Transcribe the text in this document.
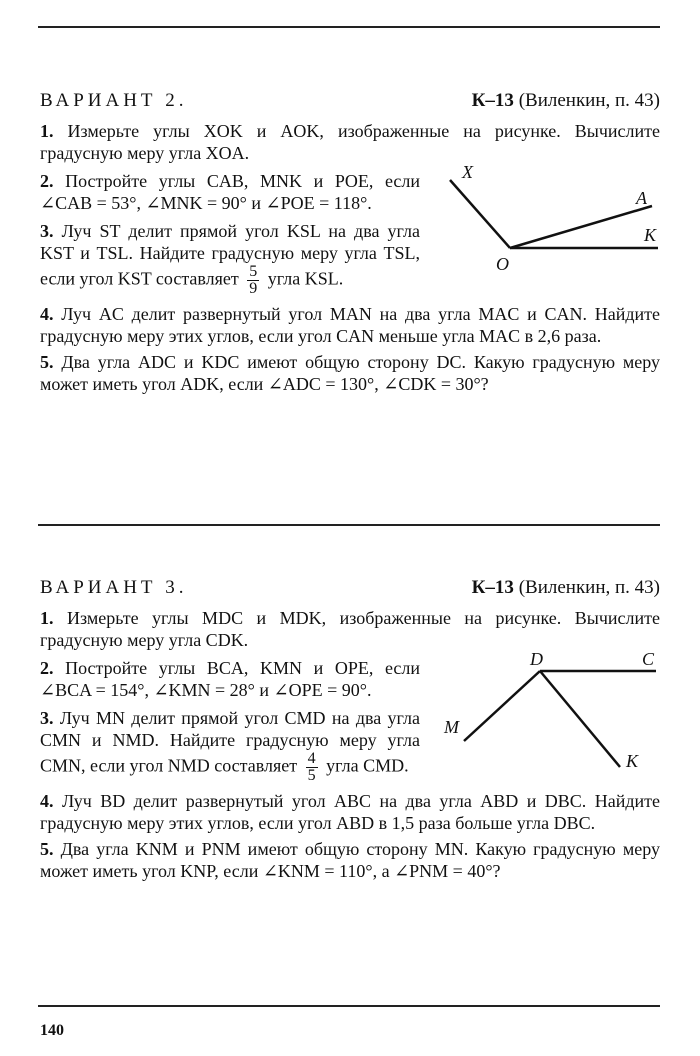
ВАРИАНТ 2.	К–13 (Виленкин, п. 43)

1. Измерьте углы XOK и AOK, изображенные на рисунке. Вычислите градусную меру угла XOA.

2. Постройте углы CAB, MNK и POE, если ∠CAB = 53°, ∠MNK = 90° и ∠POE = 118°.

3. Луч ST делит прямой угол KSL на два угла KST и TSL. Найдите градусную меру угла TSL, если угол KST составляет $\frac{5}{9}$ угла KSL.

4. Луч AC делит развернутый угол MAN на два угла MAC и CAN. Найдите градусную меру этих углов, если угол CAN меньше угла MAC в 2,6 раза.

5. Два угла ADC и KDC имеют общую сторону DC. Какую градусную меру может иметь угол ADK, если ∠ADC = 130°, ∠CDK = 30°?

X
A
K
O
ВАРИАНТ 3.	К–13 (Виленкин, п. 43)

1. Измерьте углы MDC и MDK, изображенные на рисунке. Вычислите градусную меру угла CDK.

2. Постройте углы BCA, KMN и OPE, если ∠BCA = 154°, ∠KMN = 28° и ∠OPE = 90°.

3. Луч MN делит прямой угол CMD на два угла CMN и NMD. Найдите градусную меру угла CMN, если угол NMD составляет $\frac{4}{5}$ угла CMD.

4. Луч BD делит развернутый угол ABC на два угла ABD и DBC. Найдите градусную меру этих углов, если угол ABD в 1,5 раза больше угла DBC.

5. Два угла KNM и PNM имеют общую сторону MN. Какую градусную меру может иметь угол KNP, если ∠KNM = 110°, а ∠PNM = 40°?

D	C
M
K
140
